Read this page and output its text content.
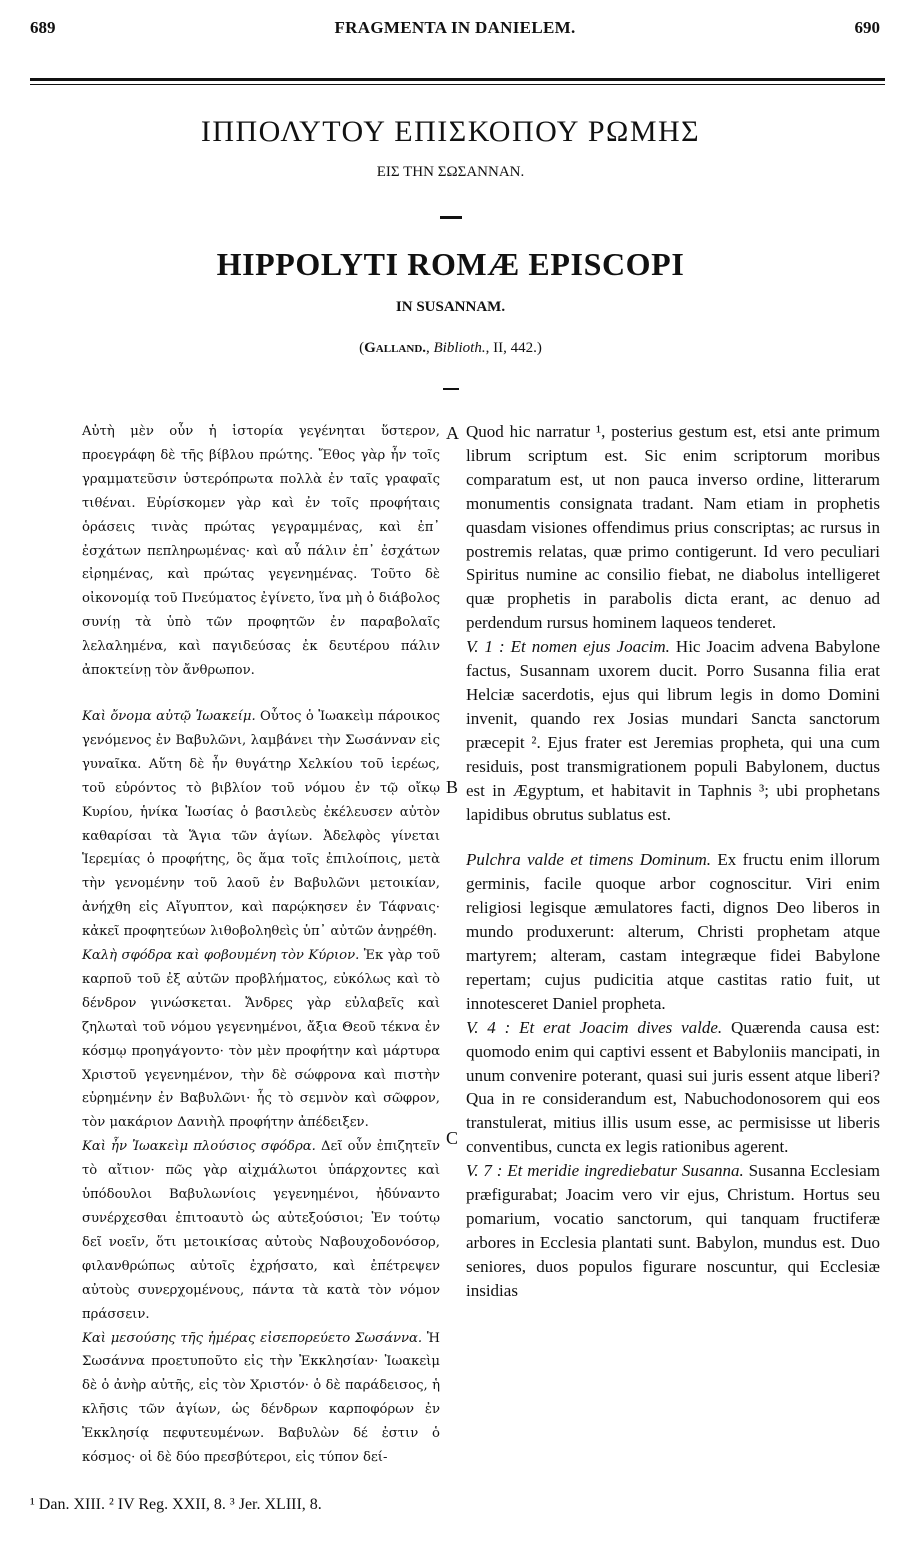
689	FRAGMENTA IN DANIELEM.	690
ΙΠΠΟΛΥΤΟΥ ΕΠΙΣΚΟΠΟΥ ΡΩΜΗΣ
ΕΙΣ ΤΗΝ ΣΩΣΑΝΝΑΝ.
HIPPOLYTI ROMÆ EPISCOPI
IN SUSANNAM.
(Galland., Biblioth., II, 442.)

Αὐτὴ μὲν οὖν ἡ ἱστορία γεγένηται ὕστερον, προεγράφη δὲ τῆς βίβλου πρώτης. Ἔθος γὰρ ἦν τοῖς γραμματεῦσιν ὑστερόπρωτα πολλὰ ἐν ταῖς γραφαῖς τιθέναι. Εὑρίσκομεν γὰρ καὶ ἐν τοῖς προφήταις ὁράσεις τινὰς πρώτας γεγραμμένας, καὶ ἐπ᾽ ἐσχάτων πεπληρωμένας· καὶ αὖ πάλιν ἐπ᾽ ἐσχάτων εἰρημένας, καὶ πρώτας γεγενημένας. Τοῦτο δὲ οἰκονομίᾳ τοῦ Πνεύματος ἐγίνετο, ἵνα μὴ ὁ διάβολος συνίῃ τὰ ὑπὸ τῶν προφητῶν ἐν παραβολαῖς λελαλημένα, καὶ παγιδεύσας ἐκ δευτέρου πάλιν ἀποκτείνῃ τὸν ἄνθρωπον.

Καὶ ὄνομα αὐτῷ Ἰωακείμ. Οὗτος ὁ Ἰωακεὶμ πάροικος γενόμενος ἐν Βαβυλῶνι, λαμβάνει τὴν Σωσάνναν εἰς γυναῖκα. Αὕτη δὲ ἦν θυγάτηρ Χελκίου τοῦ ἱερέως, τοῦ εὑρόντος τὸ βιβλίον τοῦ νόμου ἐν τῷ οἴκῳ Κυρίου, ἡνίκα Ἰωσίας ὁ βασιλεὺς ἐκέλευσεν αὐτὸν καθαρίσαι τὰ Ἅγια τῶν ἁγίων. Ἀδελφὸς γίνεται Ἱερεμίας ὁ προφήτης, ὃς ἅμα τοῖς ἐπιλοίποις, μετὰ τὴν γενομένην τοῦ λαοῦ ἐν Βαβυλῶνι μετοικίαν, ἀνήχθη εἰς Αἴγυπτον, καὶ παρῴκησεν ἐν Τάφναις· κἀκεῖ προφητεύων λιθοβοληθεὶς ὑπ᾽ αὐτῶν ἀνῃρέθη.

Καλὴ σφόδρα καὶ φοβουμένη τὸν Κύριον. Ἐκ γὰρ τοῦ καρποῦ τοῦ ἐξ αὐτῶν προβλήματος, εὐκόλως καὶ τὸ δένδρον γινώσκεται. Ἄνδρες γὰρ εὐλαβεῖς καὶ ζηλωταὶ τοῦ νόμου γεγενημένοι, ἄξια Θεοῦ τέκνα ἐν κόσμῳ προηγάγοντο· τὸν μὲν προφήτην καὶ μάρτυρα Χριστοῦ γεγενημένον, τὴν δὲ σώφρονα καὶ πιστὴν εὑρημένην ἐν Βαβυλῶνι· ἧς τὸ σεμνὸν καὶ σῶφρον, τὸν μακάριον Δανιὴλ προφήτην ἀπέδειξεν.

Καὶ ἦν Ἰωακεὶμ πλούσιος σφόδρα. Δεῖ οὖν ἐπιζητεῖν τὸ αἴτιον· πῶς γὰρ αἰχμάλωτοι ὑπάρχοντες καὶ ὑπόδουλοι Βαβυλωνίοις γεγενημένοι, ἠδύναντο συνέρχεσθαι ἐπιτοαυτὸ ὡς αὐτεξούσιοι; Ἐν τούτῳ δεῖ νοεῖν, ὅτι μετοικίσας αὐτοὺς Ναβουχοδονόσορ, φιλανθρώπως αὐτοῖς ἐχρήσατο, καὶ ἐπέτρεψεν αὐτοὺς συνερχομένους, πάντα τὰ κατὰ τὸν νόμον πράσσειν.

Καὶ μεσούσης τῆς ἡμέρας εἰσεπορεύετο Σωσάννα. Ἡ Σωσάννα προετυποῦτο εἰς τὴν Ἐκκλησίαν· Ἰωακεὶμ δὲ ὁ ἀνὴρ αὐτῆς, εἰς τὸν Χριστόν· ὁ δὲ παράδεισος, ἡ κλῆσις τῶν ἁγίων, ὡς δένδρων καρποφόρων ἐν Ἐκκλησίᾳ πεφυτευμένων. Βαβυλὼν δέ ἐστιν ὁ κόσμος· οἱ δὲ δύο πρεσβύτεροι, εἰς τύπον δεί-

A
B
C

Quod hic narratur ¹, posterius gestum est, etsi ante primum librum scriptum est. Sic enim scriptorum moribus comparatum est, ut non pauca inverso ordine, litterarum monumentis consignata tradant. Nam etiam in prophetis quasdam visiones offendimus prius conscriptas; ac rursus in postremis relatas, quæ primo contigerunt. Id vero peculiari Spiritus numine ac consilio fiebat, ne diabolus intelligeret quæ prophetis in parabolis dicta erant, ac denuo ad perdendum rursus hominem laqueos tenderet.

V. 1 : Et nomen ejus Joacim. Hic Joacim advena Babylone factus, Susannam uxorem ducit. Porro Susanna filia erat Helciæ sacerdotis, ejus qui librum legis in domo Domini invenit, quando rex Josias mundari Sancta sanctorum præcepit ². Ejus frater est Jeremias propheta, qui una cum residuis, post transmigrationem populi Babylonem, ductus est in Ægyptum, et habitavit in Taphnis ³; ubi prophetans lapidibus obrutus sublatus est.

Pulchra valde et timens Dominum. Ex fructu enim illorum germinis, facile quoque arbor cognoscitur. Viri enim religiosi legisque æmulatores facti, dignos Deo liberos in mundo produxerunt: alterum, Christi prophetam atque martyrem; alteram, castam integræque fidei Babylone repertam; cujus pudicitia atque castitas ratio fuit, ut innotesceret Daniel propheta.

V. 4 : Et erat Joacim dives valde. Quærenda causa est: quomodo enim qui captivi essent et Babyloniis mancipati, in unum convenire poterant, quasi sui juris essent atque liberi? Qua in re considerandum est, Nabuchodonosorem qui eos transtulerat, mitius illis usum esse, ac permisisse ut liberis conventibus, cuncta ex legis rationibus agerent.

V. 7 : Et meridie ingrediebatur Susanna. Susanna Ecclesiam præfigurabat; Joacim vero vir ejus, Christum. Hortus seu pomarium, vocatio sanctorum, qui tanquam fructiferæ arbores in Ecclesia plantati sunt. Babylon, mundus est. Duo seniores, duos populos figurare noscuntur, qui Ecclesiæ insidias

¹ Dan. XIII. ² IV Reg. XXII, 8. ³ Jer. XLIII, 8.
